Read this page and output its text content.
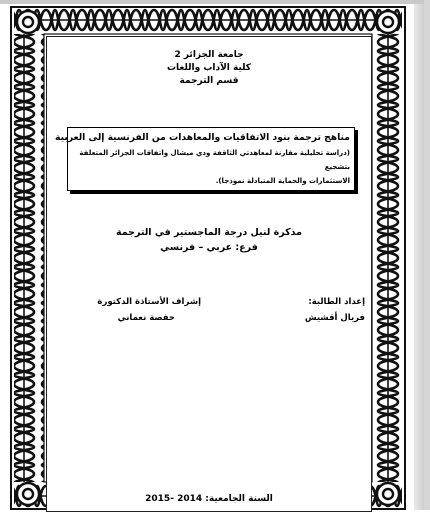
جامعة الجزائر 2
كلية الآداب واللغات
قسم الترجمة
مناهج ترجمة بنود الاتفاقيات والمعاهدات من الفرنسية إلى العربية
(دراسة تحليلية مقارنة لمعاهدتي الثاقفة ودي ميشال واتفاقات الجزائر المتعلقة بتشجيع
الاستثمارات والحماية المتبادلة نموذجا).
مذكرة لنيل درجة الماجستير في الترجمة
فرع: عربي – فرنسي
إعداد الطالبة:
فريال أقشيش
إشراف الأستاذة الدكتورة
حفصة نعماني
السنة الجامعية: 2014 -2015
